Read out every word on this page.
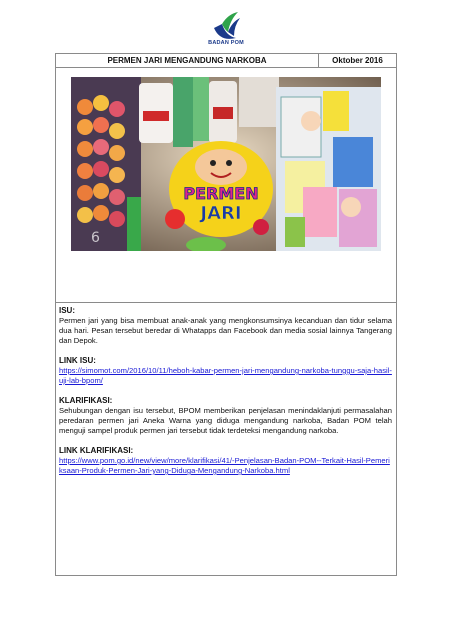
BADAN POM
PERMEN JARI MENGANDUNG NARKOBA	Oktober 2016
PERMEN
JARI
6

ISU:

Permen jari yang bisa membuat anak-anak yang mengkonsumsinya kecanduan dan tidur selama dua hari. Pesan tersebut beredar di Whatapps dan Facebook dan media sosial lainnya Tangerang dan Depok.

LINK ISU:

https://simomot.com/2016/10/11/heboh-kabar-permen-jari-mengandung-narkoba-tunggu-saja-hasil-uji-lab-bpom/

KLARIFIKASI:

Sehubungan dengan isu tersebut, BPOM memberikan penjelasan menindaklanjuti permasalahan peredaran permen jari Aneka Warna yang diduga mengandung narkoba, Badan POM telah menguji sampel produk permen jari tersebut tidak terdeteksi mengandung narkoba.

LINK KLARIFIKASI:

https://www.pom.go.id/new/view/more/klarifikasi/41/-Penjelasan-Badan-POM--Terkait-Hasil-Pemeriksaan-Produk-Permen-Jari-yang-Diduga-Mengandung-Narkoba.html
